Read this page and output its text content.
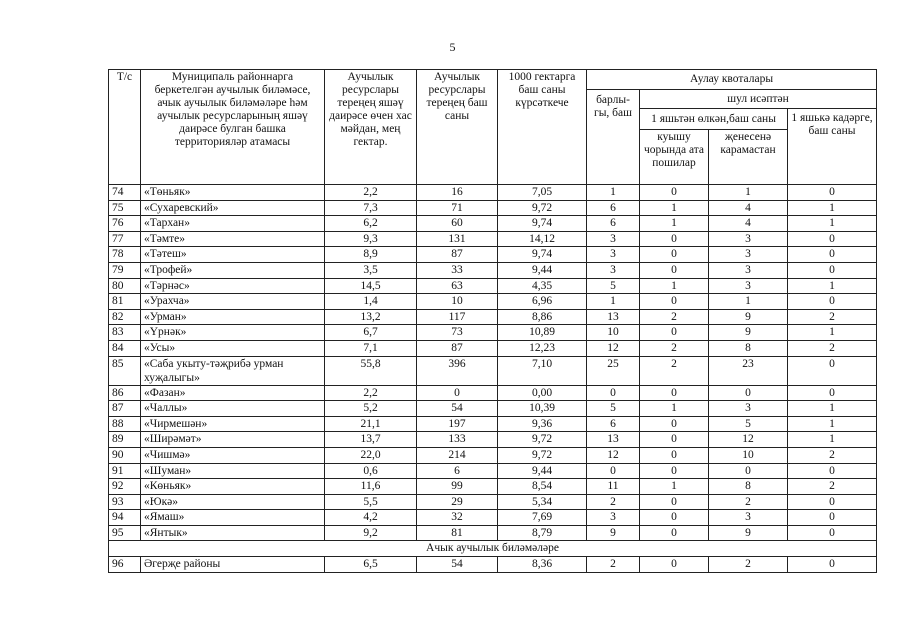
5
Т/с	Муниципаль районнарга беркетелгән аучылык биләмәсе, ачык аучылык биләмәләре һәм аучылык ресурсларының яшәү даирәсе булган башка территорияләр атамасы	Аучылык ресурслары тереңең яшәү даирәсе өчен хас мәйдан, мең гектар.	Аучылык ресурслары тереңең баш саны	1000 гектарга баш саны күрсәткече	Аулау квоталары			
					барлы-гы, баш	шул исәптән		
						1 яшьтән өлкән,баш саны		1 яшькә кадәрге, баш саны
						куышу чорында ата пошилар	җенесенә карамастан	
74	«Төньяк»	2,2	16	7,05	1	0	1	0
75	«Сухаревский»	7,3	71	9,72	6	1	4	1
76	«Тархан»	6,2	60	9,74	6	1	4	1
77	«Тәмте»	9,3	131	14,12	3	0	3	0
78	«Тәтеш»	8,9	87	9,74	3	0	3	0
79	«Трофей»	3,5	33	9,44	3	0	3	0
80	«Тәрнәс»	14,5	63	4,35	5	1	3	1
81	«Урахча»	1,4	10	6,96	1	0	1	0
82	«Урман»	13,2	117	8,86	13	2	9	2
83	«Үрнәк»	6,7	73	10,89	10	0	9	1
84	«Усы»	7,1	87	12,23	12	2	8	2
85	«Саба укыту-тәҗрибә урман хуҗалыгы»	55,8	396	7,10	25	2	23	0
86	«Фазан»	2,2	0	0,00	0	0	0	0
87	«Чаллы»	5,2	54	10,39	5	1	3	1
88	«Чирмешән»	21,1	197	9,36	6	0	5	1
89	«Ширәмәт»	13,7	133	9,72	13	0	12	1
90	«Чишмә»	22,0	214	9,72	12	0	10	2
91	«Шуман»	0,6	6	9,44	0	0	0	0
92	«Көньяк»	11,6	99	8,54	11	1	8	2
93	«Юкә»	5,5	29	5,34	2	0	2	0
94	«Ямаш»	4,2	32	7,69	3	0	3	0
95	«Янтык»	9,2	81	8,79	9	0	9	0
Ачык аучылык биләмәләре								
96	Әгерҗе районы	6,5	54	8,36	2	0	2	0
